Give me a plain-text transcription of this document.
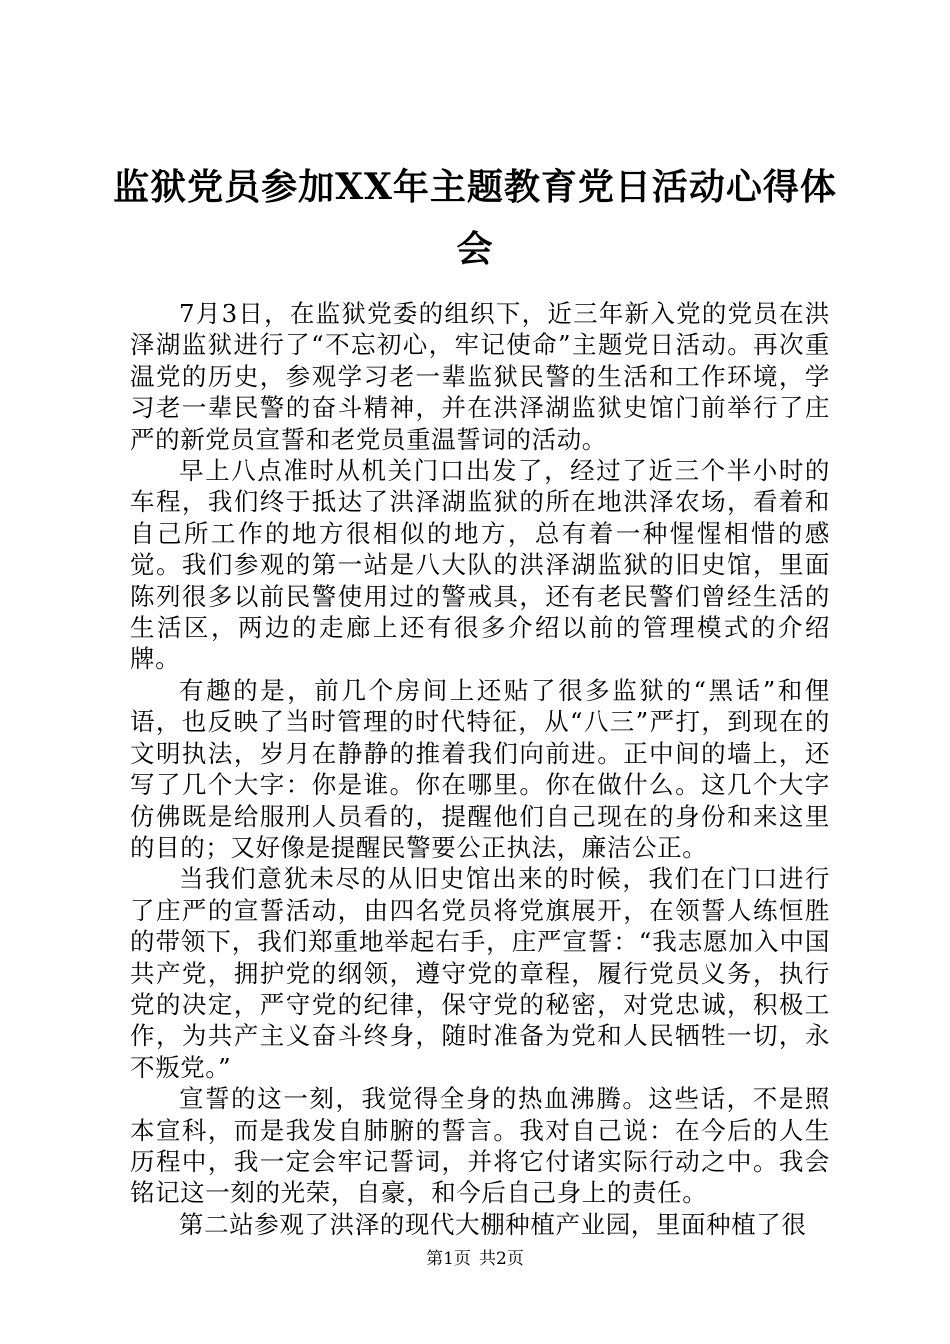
监狱党员参加XX年主题教育党日活动心得体会

7月3日，在监狱党委的组织下，近三年新入党的党员在洪泽湖监狱进行了“不忘初心，牢记使命”主题党日活动。再次重温党的历史，参观学习老一辈监狱民警的生活和工作环境，学习老一辈民警的奋斗精神，并在洪泽湖监狱史馆门前举行了庄严的新党员宣誓和老党员重温誓词的活动。

早上八点准时从机关门口出发了，经过了近三个半小时的车程，我们终于抵达了洪泽湖监狱的所在地洪泽农场，看着和自己所工作的地方很相似的地方，总有着一种惺惺相惜的感觉。我们参观的第一站是八大队的洪泽湖监狱的旧史馆，里面陈列很多以前民警使用过的警戒具，还有老民警们曾经生活的生活区，两边的走廊上还有很多介绍以前的管理模式的介绍牌。

有趣的是，前几个房间上还贴了很多监狱的“黑话”和俚语，也反映了当时管理的时代特征，从“八三”严打，到现在的文明执法，岁月在静静的推着我们向前进。正中间的墙上，还写了几个大字：你是谁。你在哪里。你在做什么。这几个大字仿佛既是给服刑人员看的，提醒他们自己现在的身份和来这里的目的；又好像是提醒民警要公正执法，廉洁公正。

当我们意犹未尽的从旧史馆出来的时候，我们在门口进行了庄严的宣誓活动，由四名党员将党旗展开，在领誓人练恒胜的带领下，我们郑重地举起右手，庄严宣誓：“我志愿加入中国共产党，拥护党的纲领，遵守党的章程，履行党员义务，执行党的决定，严守党的纪律，保守党的秘密，对党忠诚，积极工作，为共产主义奋斗终身，随时准备为党和人民牺牲一切，永不叛党。”

宣誓的这一刻，我觉得全身的热血沸腾。这些话，不是照本宣科，而是我发自肺腑的誓言。我对自己说：在今后的人生历程中，我一定会牢记誓词，并将它付诸实际行动之中。我会铭记这一刻的光荣，自豪，和今后自己身上的责任。

第二站参观了洪泽的现代大棚种植产业园，里面种植了很

第1页 共2页
